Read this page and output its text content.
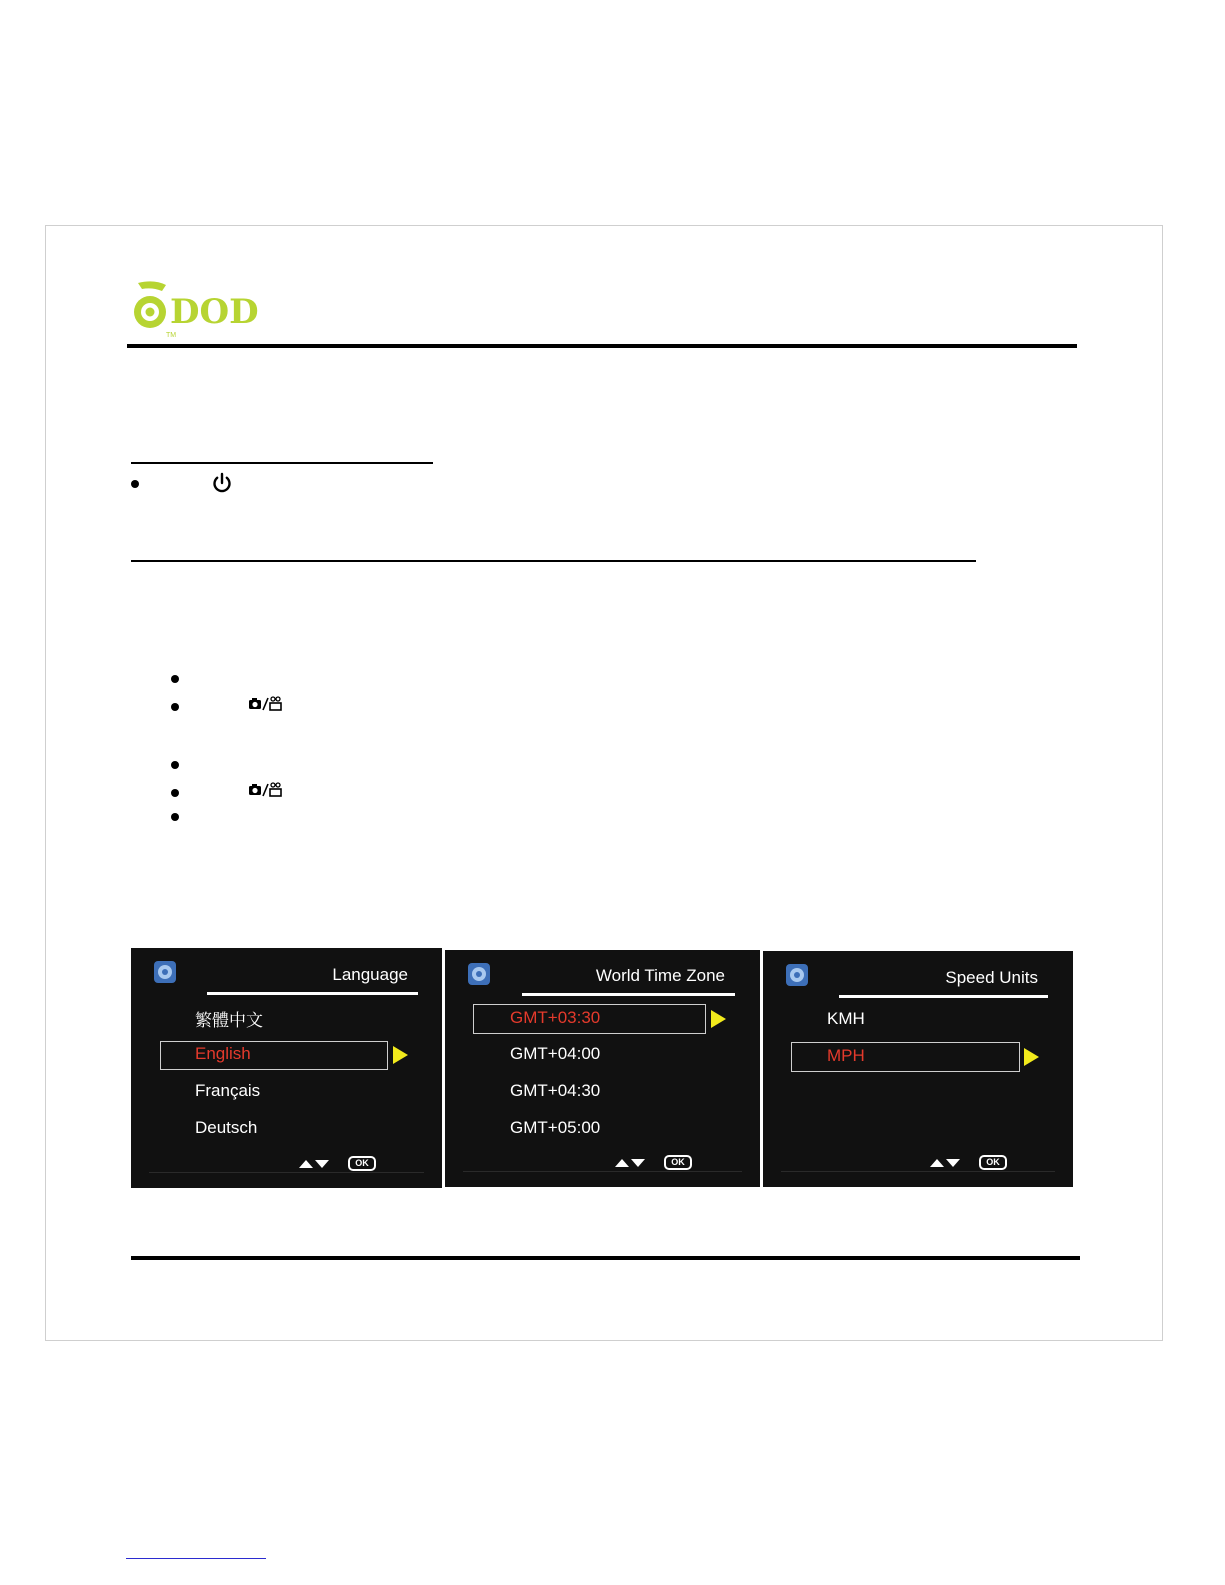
DOD
TM
Language
繁體中文
English
Français
Deutsch
OK
World Time Zone
GMT+03:30
GMT+04:00
GMT+04:30
GMT+05:00
OK
Speed Units
KMH
MPH
OK
